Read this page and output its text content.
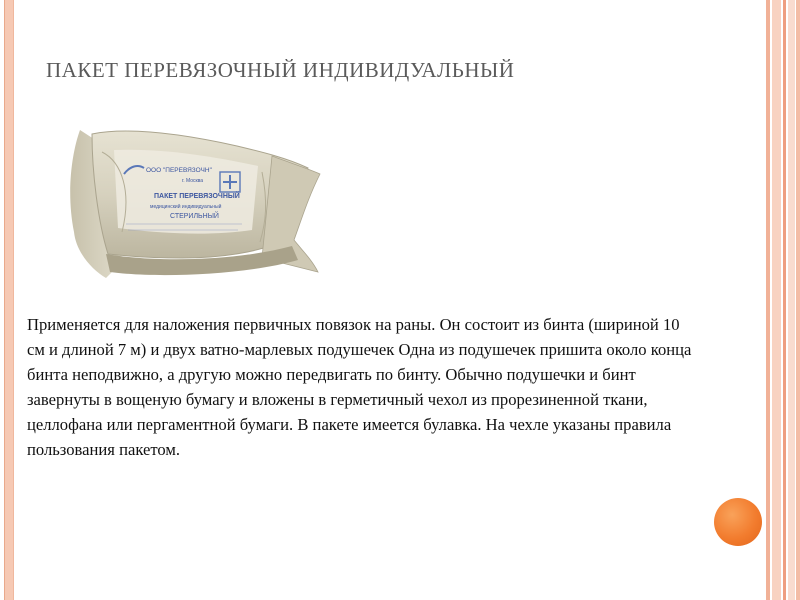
ПАКЕТ ПЕРЕВЯЗОЧНЫЙ ИНДИВИДУАЛЬНЫЙ
ООО "ПЕРЕВЯЗОЧН"
г. Москва
ПАКЕТ ПЕРЕВЯЗОЧНЫЙ
медицинский индивидуальный
СТЕРИЛЬНЫЙ
Применяется для наложения первичных повязок на раны. Он состоит из бинта (шириной 10 см и длиной 7 м) и двух ватно-марлевых подушечек Одна из подушечек пришита около конца бинта неподвижно, а другую можно передвигать по бинту. Обычно подушечки и бинт завернуты в вощеную бумагу и вложены в герметичный чехол из прорезиненной ткани, целлофана или пергаментной бумаги. В пакете имеется булавка. На чехле указаны правила пользования пакетом.
